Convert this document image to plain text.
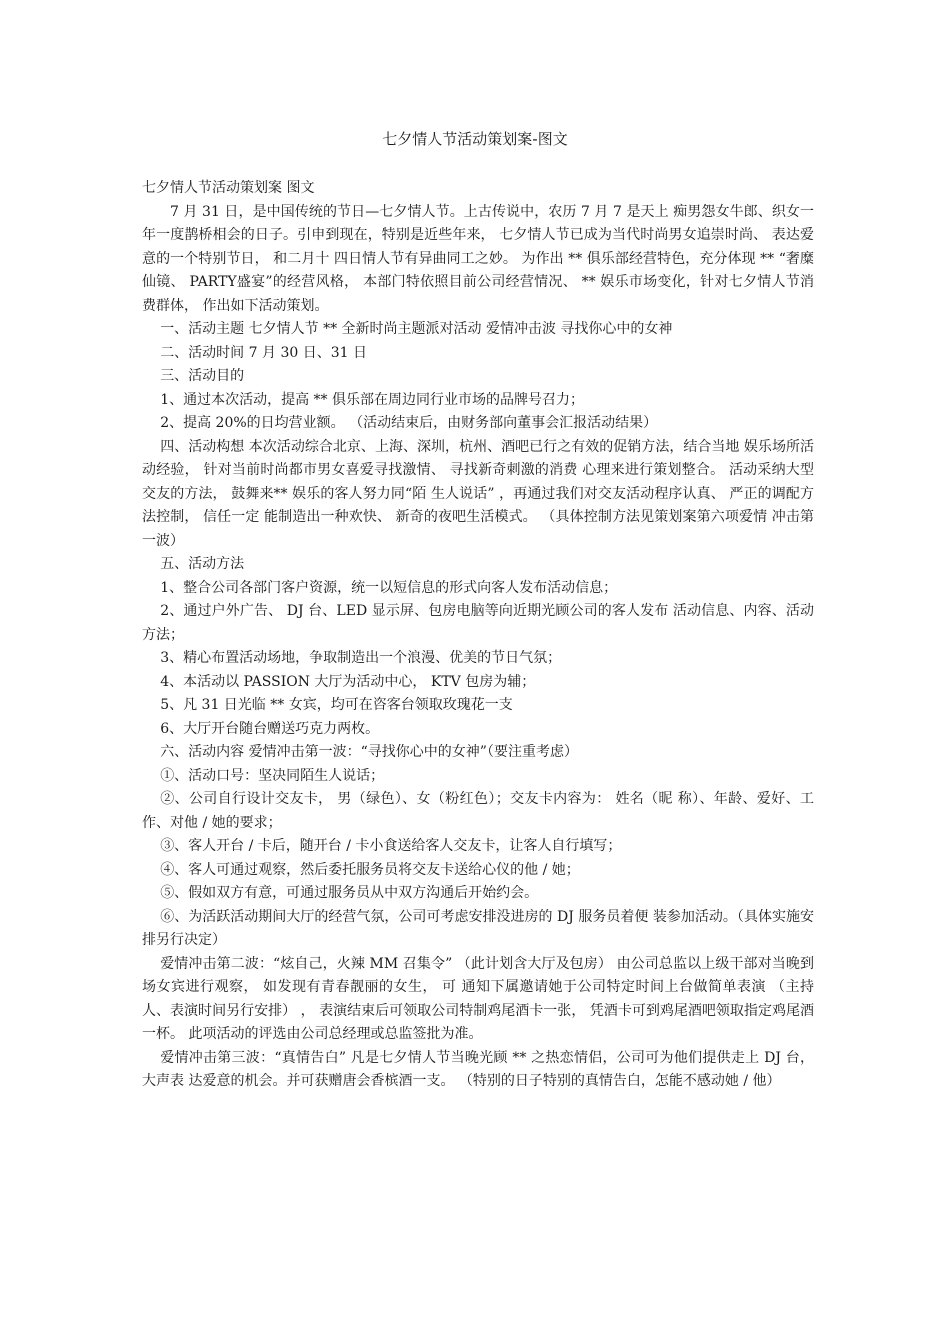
七夕情人节活动策划案-图文

七夕情人节活动策划案 图文

7 月 31 日，是中国传统的节日—七夕情人节。上古传说中，农历 7 月 7 是天上 痴男怨女牛郎、织女一年一度鹊桥相会的日子。引申到现在，特别是近些年来， 七夕情人节已成为当代时尚男女追崇时尚、 表达爱意的一个特别节日， 和二月十 四日情人节有异曲同工之妙。 为作出 ** 俱乐部经营特色，充分体现 ** “奢糜仙镜、 PARTY盛宴”的经营风格， 本部门特依照目前公司经营情况、 ** 娱乐市场变化，针对七夕情人节消费群体， 作出如下活动策划。

一、活动主题 七夕情人节 ** 全新时尚主题派对活动 爱情冲击波 寻找你心中的女神

二、活动时间 7 月 30 日、31 日

三、活动目的

1、通过本次活动，提高 ** 俱乐部在周边同行业市场的品牌号召力；

2、提高 20%的日均营业额。 （活动结束后，由财务部向董事会汇报活动结果）

四、活动构想 本次活动综合北京、上海、深圳，杭州、酒吧已行之有效的促销方法，结合当地 娱乐场所活动经验， 针对当前时尚都市男女喜爱寻找激情、 寻找新奇刺激的消费 心理来进行策划整合。 活动采纳大型交友的方法， 鼓舞来** 娱乐的客人努力同“陌 生人说话” ，再通过我们对交友活动程序认真、 严正的调配方法控制， 信任一定 能制造出一种欢快、 新奇的夜吧生活模式。 （具体控制方法见策划案第六项爱情 冲击第一波）

五、活动方法

1、整合公司各部门客户资源，统一以短信息的形式向客人发布活动信息；

2、通过户外广告、 DJ 台、LED 显示屏、包房电脑等向近期光顾公司的客人发布 活动信息、内容、活动方法；

3、精心布置活动场地，争取制造出一个浪漫、优美的节日气氛；

4、本活动以 PASSION 大厅为活动中心， KTV 包房为辅；

5、凡 31 日光临 ** 女宾，均可在咨客台领取玫瑰花一支

6、大厅开台随台赠送巧克力两枚。

六、活动内容 爱情冲击第一波：“寻找你心中的女神”（要注重考虑）

①、活动口号：坚决同陌生人说话；

②、公司自行设计交友卡， 男（绿色）、女（粉红色）；交友卡内容为： 姓名（昵 称）、年龄、爱好、工作、对他 / 她的要求；

③、客人开台 / 卡后，随开台 / 卡小食送给客人交友卡，让客人自行填写；

④、客人可通过观察，然后委托服务员将交友卡送给心仪的他 / 她；

⑤、假如双方有意，可通过服务员从中双方沟通后开始约会。

⑥、为活跃活动期间大厅的经营气氛，公司可考虑安排没进房的 DJ 服务员着便 装参加活动。（具体实施安排另行决定）

爱情冲击第二波：“炫自己，火辣 MM 召集令” （此计划含大厅及包房） 由公司总监以上级干部对当晚到场女宾进行观察， 如发现有青春靓丽的女生， 可 通知下属邀请她于公司特定时间上台做简单表演 （主持人、表演时间另行安排） ， 表演结束后可领取公司特制鸡尾酒卡一张， 凭酒卡可到鸡尾酒吧领取指定鸡尾酒 一杯。 此项活动的评选由公司总经理或总监签批为准。

爱情冲击第三波：“真情告白” 凡是七夕情人节当晚光顾 ** 之热恋情侣，公司可为他们提供走上 DJ 台，大声表 达爱意的机会。并可获赠唐会香槟酒一支。 （特别的日子特别的真情告白，怎能不感动她 / 他）
